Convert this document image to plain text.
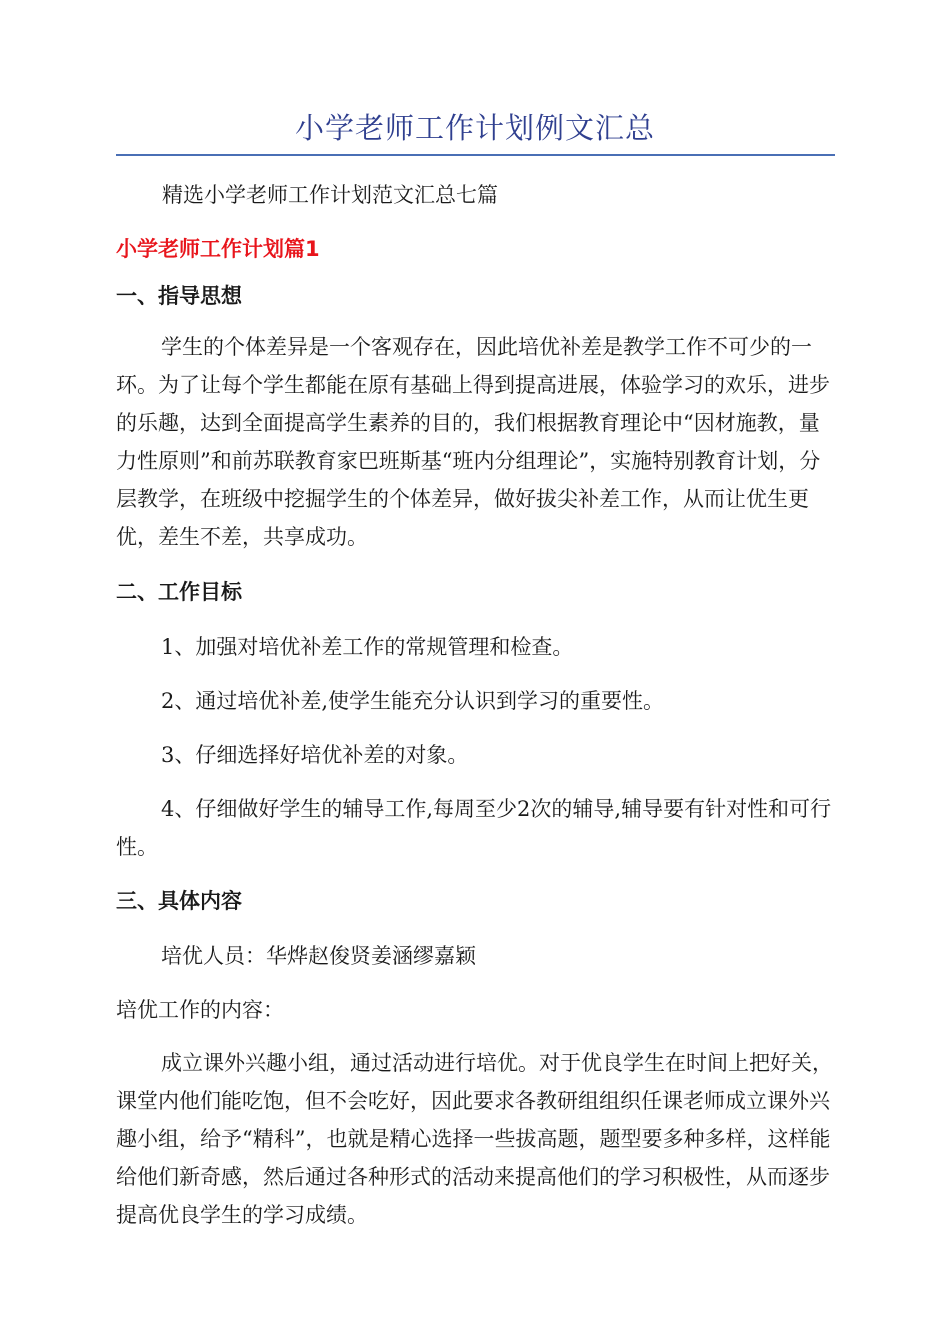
小学老师工作计划例文汇总
精选小学老师工作计划范文汇总七篇
小学老师工作计划篇1
一、指导思想

学生的个体差异是一个客观存在，因此培优补差是教学工作不可少的一环。为了让每个学生都能在原有基础上得到提高进展，体验学习的欢乐，进步的乐趣，达到全面提高学生素养的目的，我们根据教育理论中“因材施教，量力性原则”和前苏联教育家巴班斯基“班内分组理论”，实施特别教育计划，分层教学，在班级中挖掘学生的个体差异，做好拔尖补差工作，从而让优生更优，差生不差，共享成功。

二、工作目标

1、加强对培优补差工作的常规管理和检查。

2、通过培优补差,使学生能充分认识到学习的重要性。

3、仔细选择好培优补差的对象。

4、仔细做好学生的辅导工作,每周至少2次的辅导,辅导要有针对性和可行性。

三、具体内容

培优人员：华烨赵俊贤姜涵缪嘉颖

培优工作的内容：

成立课外兴趣小组，通过活动进行培优。对于优良学生在时间上把好关，课堂内他们能吃饱，但不会吃好，因此要求各教研组组织任课老师成立课外兴趣小组，给予“精科”，也就是精心选择一些拔高题，题型要多种多样，这样能给他们新奇感，然后通过各种形式的活动来提高他们的学习积极性，从而逐步提高优良学生的学习成绩。
